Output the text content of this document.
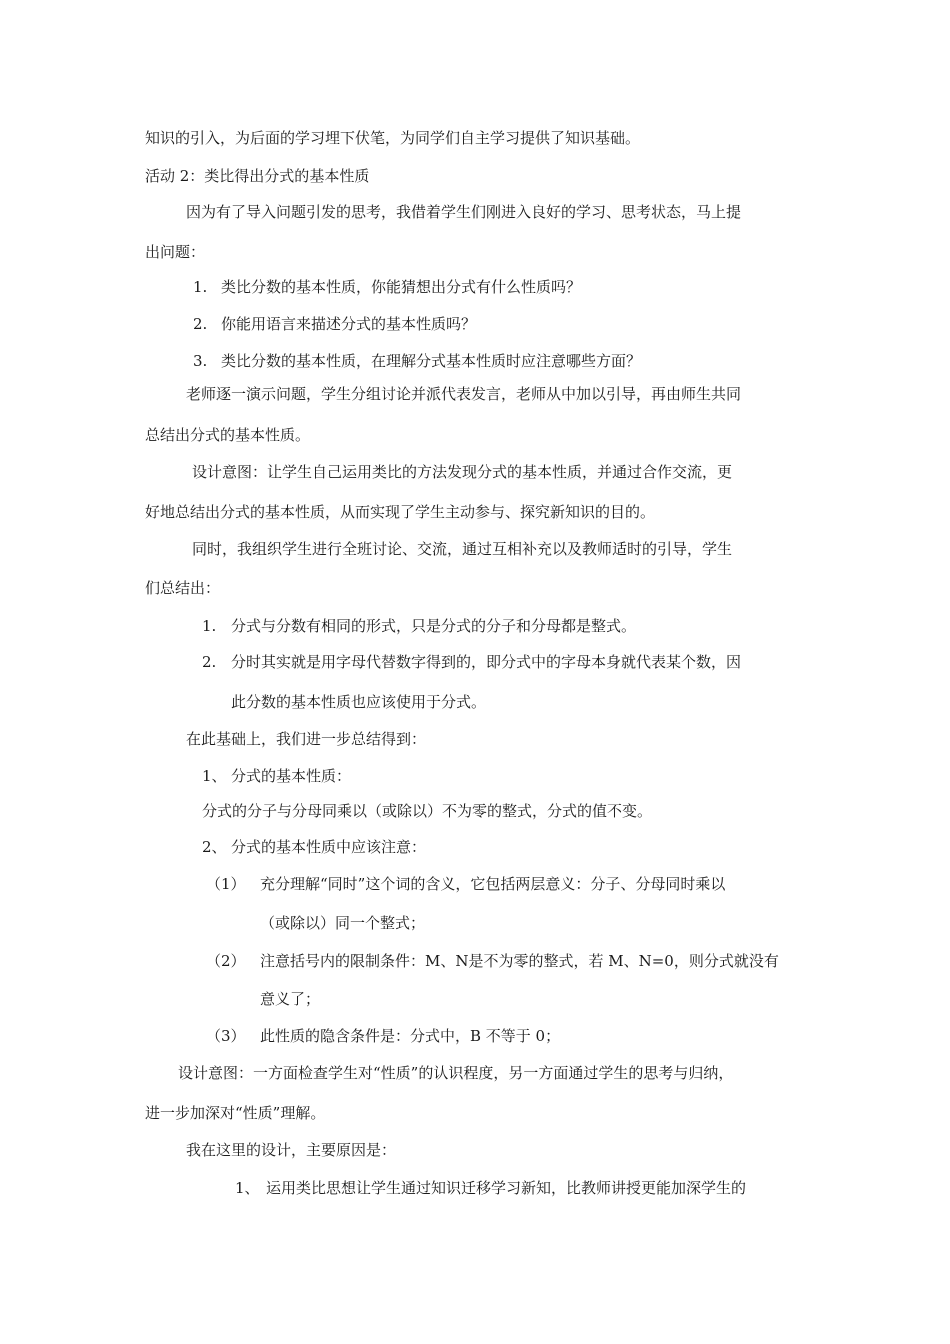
知识的引入，为后面的学习埋下伏笔，为同学们自主学习提供了知识基础。
活动 2：类比得出分式的基本性质
因为有了导入问题引发的思考，我借着学生们刚进入良好的学习、思考状态，马上提
出问题：
1. 类比分数的基本性质，你能猜想出分式有什么性质吗？
2. 你能用语言来描述分式的基本性质吗？
3. 类比分数的基本性质，在理解分式基本性质时应注意哪些方面？
老师逐一演示问题，学生分组讨论并派代表发言，老师从中加以引导，再由师生共同
总结出分式的基本性质。
设计意图：让学生自己运用类比的方法发现分式的基本性质，并通过合作交流，更
好地总结出分式的基本性质，从而实现了学生主动参与、探究新知识的目的。
同时，我组织学生进行全班讨论、交流，通过互相补充以及教师适时的引导，学生
们总结出：
1. 分式与分数有相同的形式，只是分式的分子和分母都是整式。
2. 分时其实就是用字母代替数字得到的，即分式中的字母本身就代表某个数，因
此分数的基本性质也应该使用于分式。
在此基础上，我们进一步总结得到：
1、 分式的基本性质：
分式的分子与分母同乘以（或除以）不为零的整式，分式的值不变。
2、 分式的基本性质中应该注意：
（1） 充分理解“同时”这个词的含义，它包括两层意义：分子、分母同时乘以
（或除以）同一个整式；
（2） 注意括号内的限制条件：M、N是不为零的整式，若 M、N=0，则分式就没有
意义了；
（3） 此性质的隐含条件是：分式中，B 不等于 0；
设计意图：一方面检查学生对“性质”的认识程度，另一方面通过学生的思考与归纳，
进一步加深对“性质”理解。
我在这里的设计，主要原因是：
1、 运用类比思想让学生通过知识迁移学习新知，比教师讲授更能加深学生的
